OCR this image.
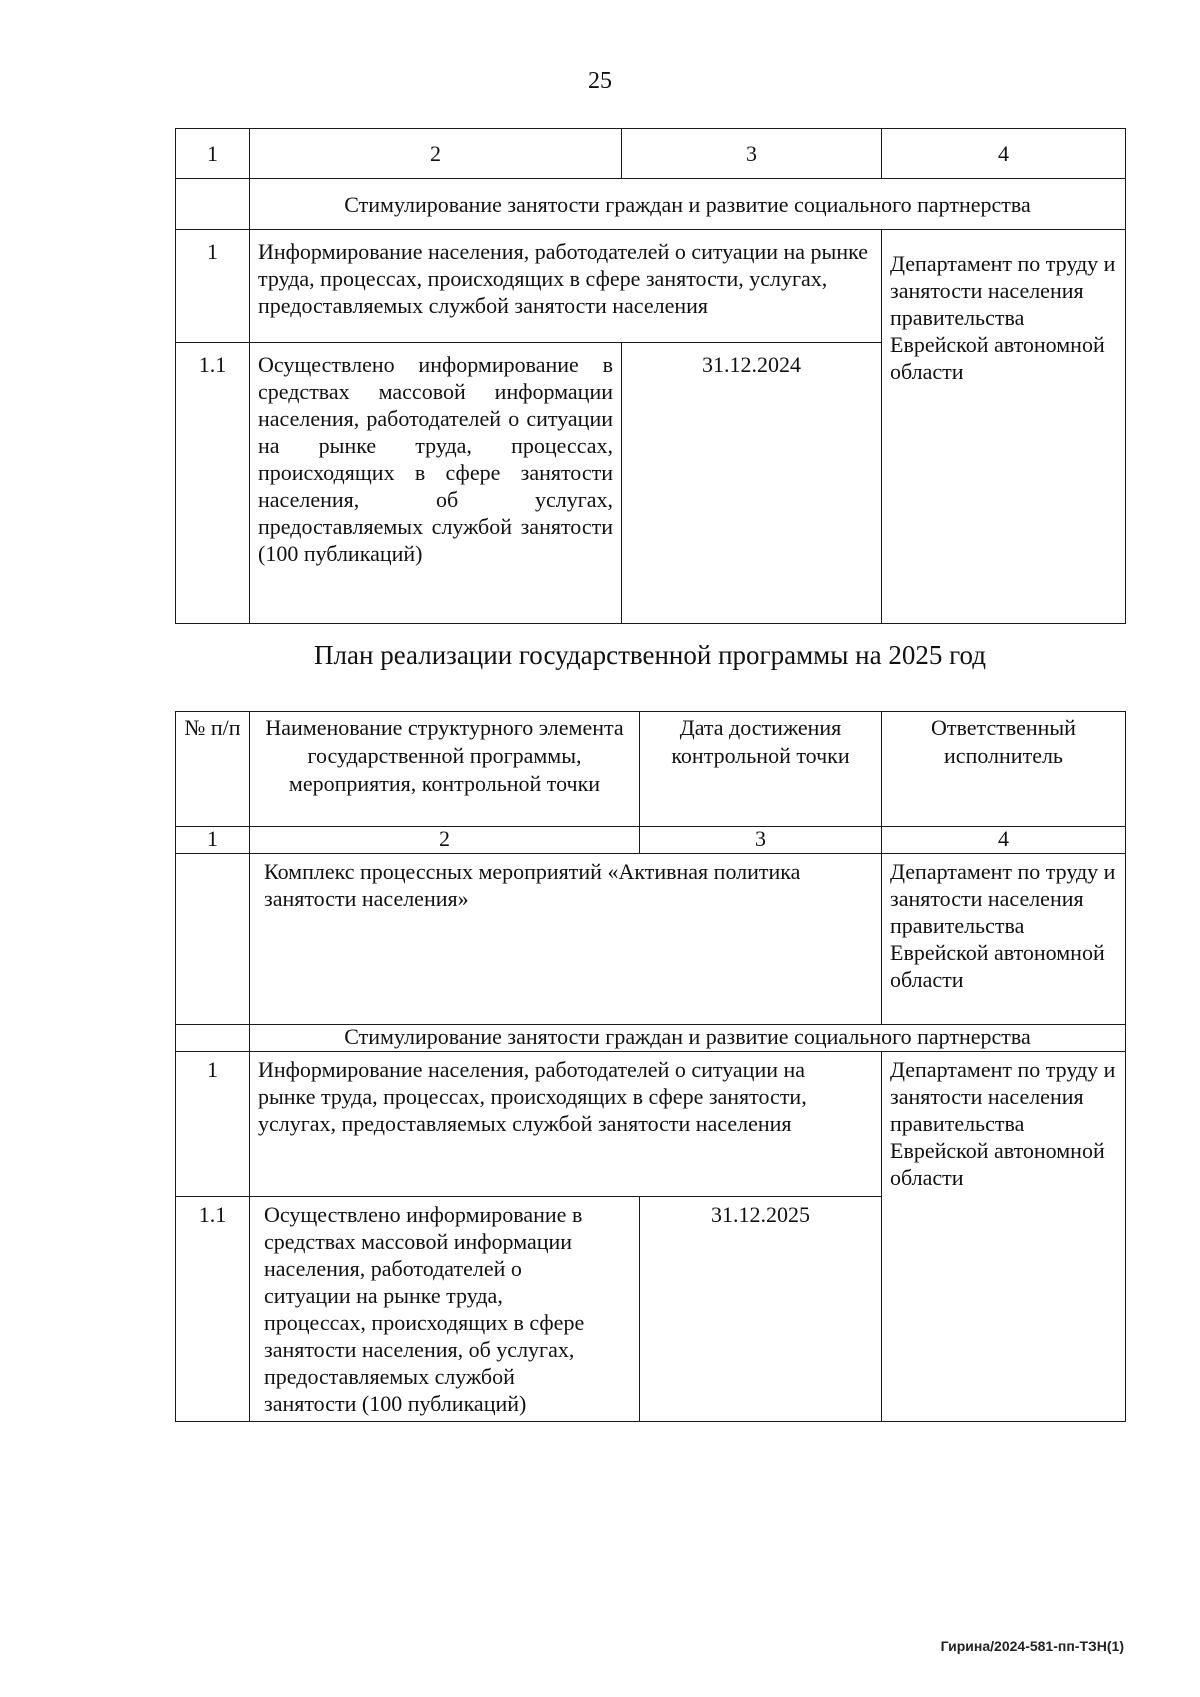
25
1	2	3	4
	Стимулирование занятости граждан и развитие социального партнерства		
1	Информирование населения, работодателей о ситуации на рынке труда, процессах, происходящих в сфере занятости, услугах, предоставляемых службой занятости населения		Департамент по труду и занятости населения правительства Еврейской автономной области
1.1	Осуществлено информирование в средствах массовой информации населения, работодателей о ситуации на рынке труда, процессах, происходящих в сфере занятости населения, об услугах, предоставляемых службой занятости (100 публикаций)	31.12.2024	
План реализации государственной программы на 2025 год
№ п/п	Наименование структурного элемента государственной программы, мероприятия, контрольной точки	Дата достижения контрольной точки	Ответственный исполнитель
1	2	3	4
	Комплекс процессных мероприятий «Активная политика занятости населения»		Департамент по труду и занятости населения правительства Еврейской автономной области
	Стимулирование занятости граждан и развитие социального партнерства		
1	Информирование населения, работодателей о ситуации на рынке труда, процессах, происходящих в сфере занятости, услугах, предоставляемых службой занятости населения		Департамент по труду и занятости населения правительства Еврейской автономной области
1.1	Осуществлено информирование в средствах массовой информации населения, работодателей о ситуации на рынке труда, процессах, происходящих в сфере занятости населения, об услугах, предоставляемых службой занятости (100 публикаций)	31.12.2025	
Гирина/2024-581-пп-ТЗН(1)
